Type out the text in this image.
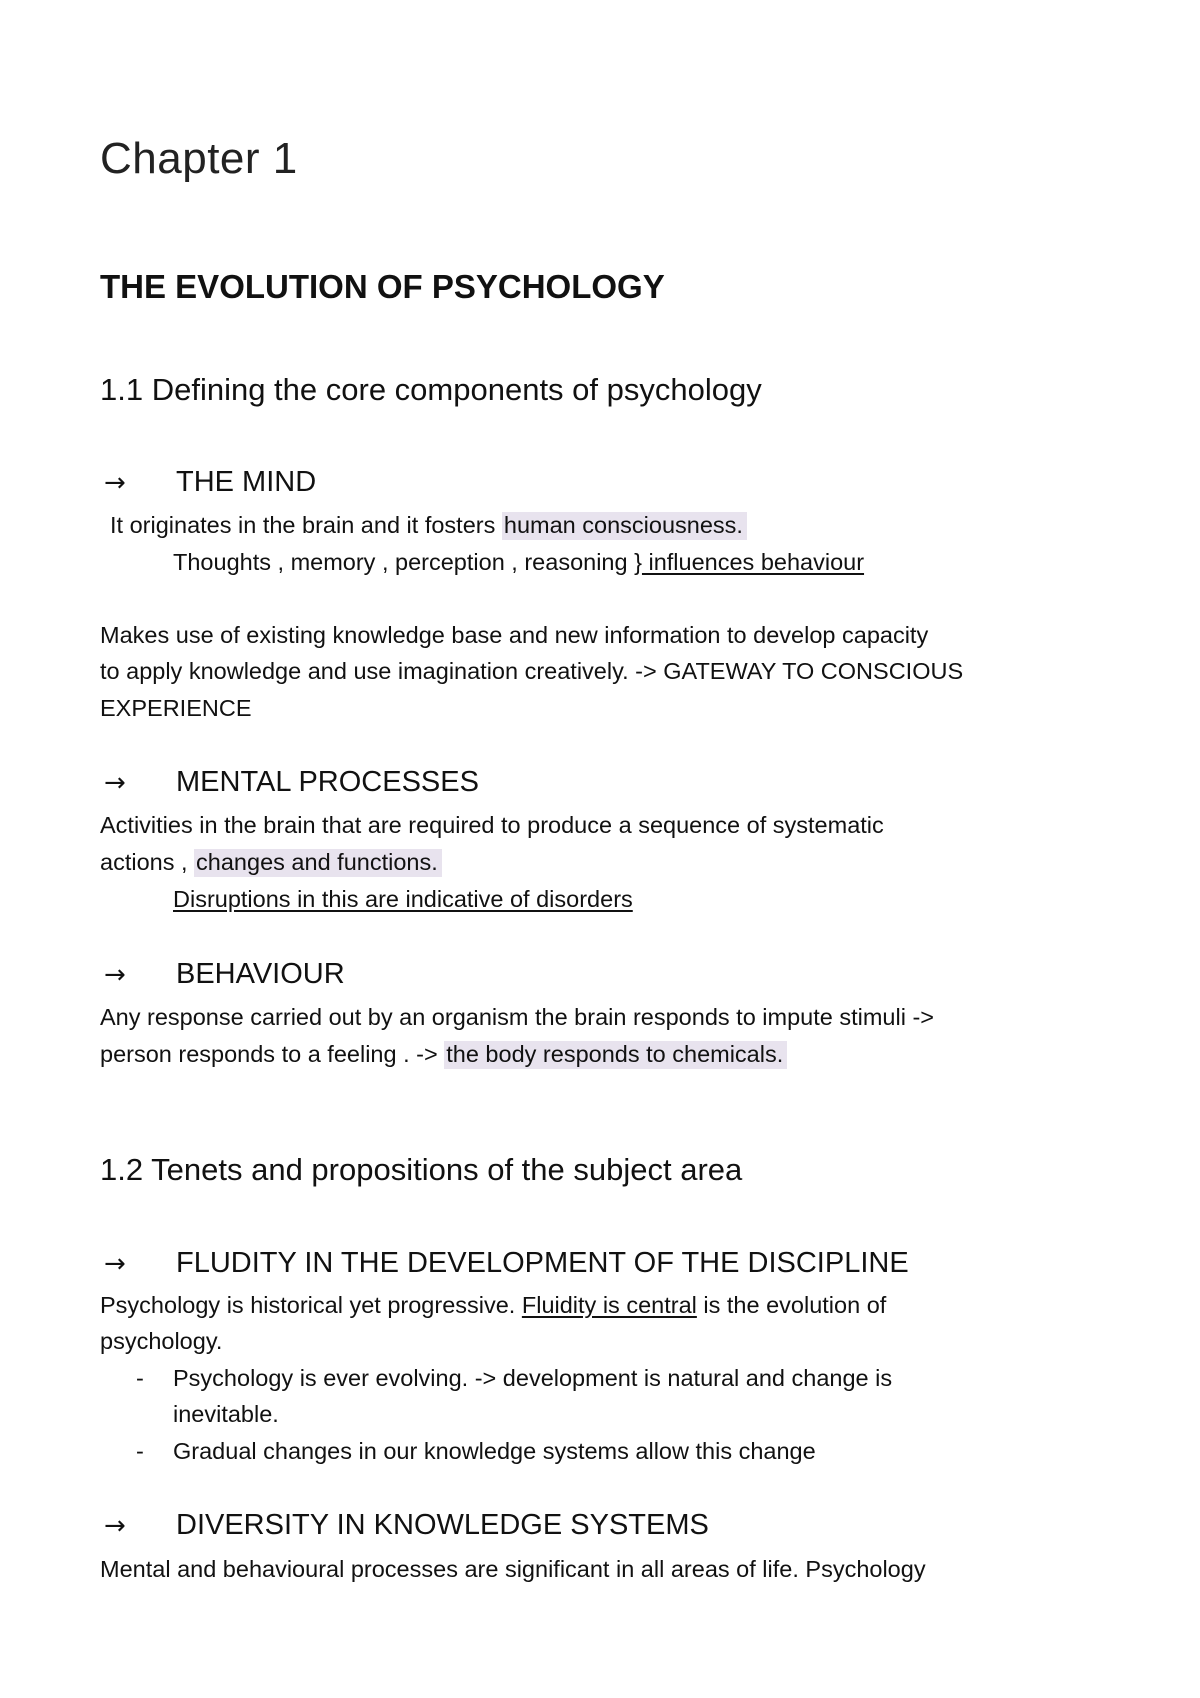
Chapter 1
THE EVOLUTION OF PSYCHOLOGY
1.1 Defining the core components of psychology
→ THE MIND
It originates in the brain and it fosters human consciousness.
Thoughts , memory , perception , reasoning } influences behaviour
Makes use of existing knowledge base and new information to develop capacity
to apply knowledge and use imagination creatively. -> GATEWAY TO CONSCIOUS
EXPERIENCE
→ MENTAL PROCESSES
Activities in the brain that are required to produce a sequence of systematic
actions , changes and functions.
Disruptions in this are indicative of disorders
→ BEHAVIOUR
Any response carried out by an organism the brain responds to impute stimuli ->
person responds to a feeling . -> the body responds to chemicals.
1.2 Tenets and propositions of the subject area
→ FLUDITY IN THE DEVELOPMENT OF THE DISCIPLINE
Psychology is historical yet progressive. Fluidity is central is the evolution of
psychology.
- Psychology is ever evolving. -> development is natural and change is
inevitable.
- Gradual changes in our knowledge systems allow this change
→ DIVERSITY IN KNOWLEDGE SYSTEMS
Mental and behavioural processes are significant in all areas of life. Psychology
